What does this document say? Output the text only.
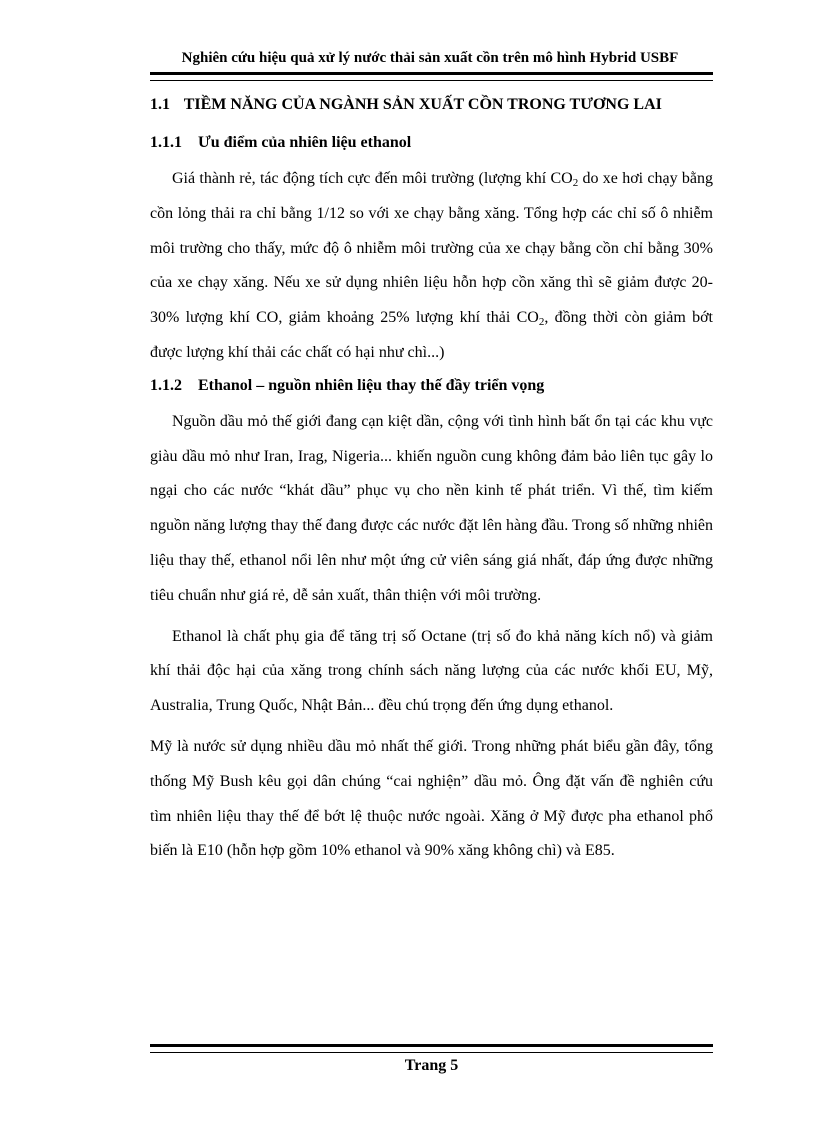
Nghiên cứu hiệu quả xử lý nước thải sản xuất cồn trên mô hình Hybrid USBF
1.1 TIỀM NĂNG CỦA NGÀNH SẢN XUẤT CỒN TRONG TƯƠNG LAI
1.1.1 Ưu điểm của nhiên liệu ethanol

Giá thành rẻ, tác động tích cực đến môi trường (lượng khí $CO_2$ do xe hơi chạy bằng cồn lỏng thải ra chỉ bằng 1/12 so với xe chạy bằng xăng. Tổng hợp các chỉ số ô nhiễm môi trường cho thấy, mức độ ô nhiễm môi trường của xe chạy bằng cồn chỉ bằng 30% của xe chạy xăng. Nếu xe sử dụng nhiên liệu hỗn hợp cồn xăng thì sẽ giảm được 20-30% lượng khí CO, giảm khoảng 25% lượng khí thải $CO_2$, đồng thời còn giảm bớt được lượng khí thải các chất có hại như chì...)

1.1.2 Ethanol – nguồn nhiên liệu thay thế đầy triển vọng

Nguồn dầu mỏ thế giới đang cạn kiệt dần, cộng với tình hình bất ổn tại các khu vực giàu dầu mỏ như Iran, Irag, Nigeria... khiến nguồn cung không đảm bảo liên tục gây lo ngại cho các nước “khát dầu” phục vụ cho nền kinh tế phát triển. Vì thế, tìm kiếm nguồn năng lượng thay thế đang được các nước đặt lên hàng đầu. Trong số những nhiên liệu thay thế, ethanol nổi lên như một ứng cử viên sáng giá nhất, đáp ứng được những tiêu chuẩn như giá rẻ, dễ sản xuất, thân thiện với môi trường.

Ethanol là chất phụ gia để tăng trị số Octane (trị số đo khả năng kích nổ) và giảm khí thải độc hại của xăng trong chính sách năng lượng của các nước khối EU, Mỹ, Australia, Trung Quốc, Nhật Bản... đều chú trọng đến ứng dụng ethanol.

Mỹ là nước sử dụng nhiều dầu mỏ nhất thế giới. Trong những phát biểu gần đây, tổng thống Mỹ Bush kêu gọi dân chúng “cai nghiện” dầu mỏ. Ông đặt vấn đề nghiên cứu tìm nhiên liệu thay thế để bớt lệ thuộc nước ngoài. Xăng ở Mỹ được pha ethanol phổ biến là E10 (hỗn hợp gồm 10% ethanol và 90% xăng không chì) và E85.

Trang 5
